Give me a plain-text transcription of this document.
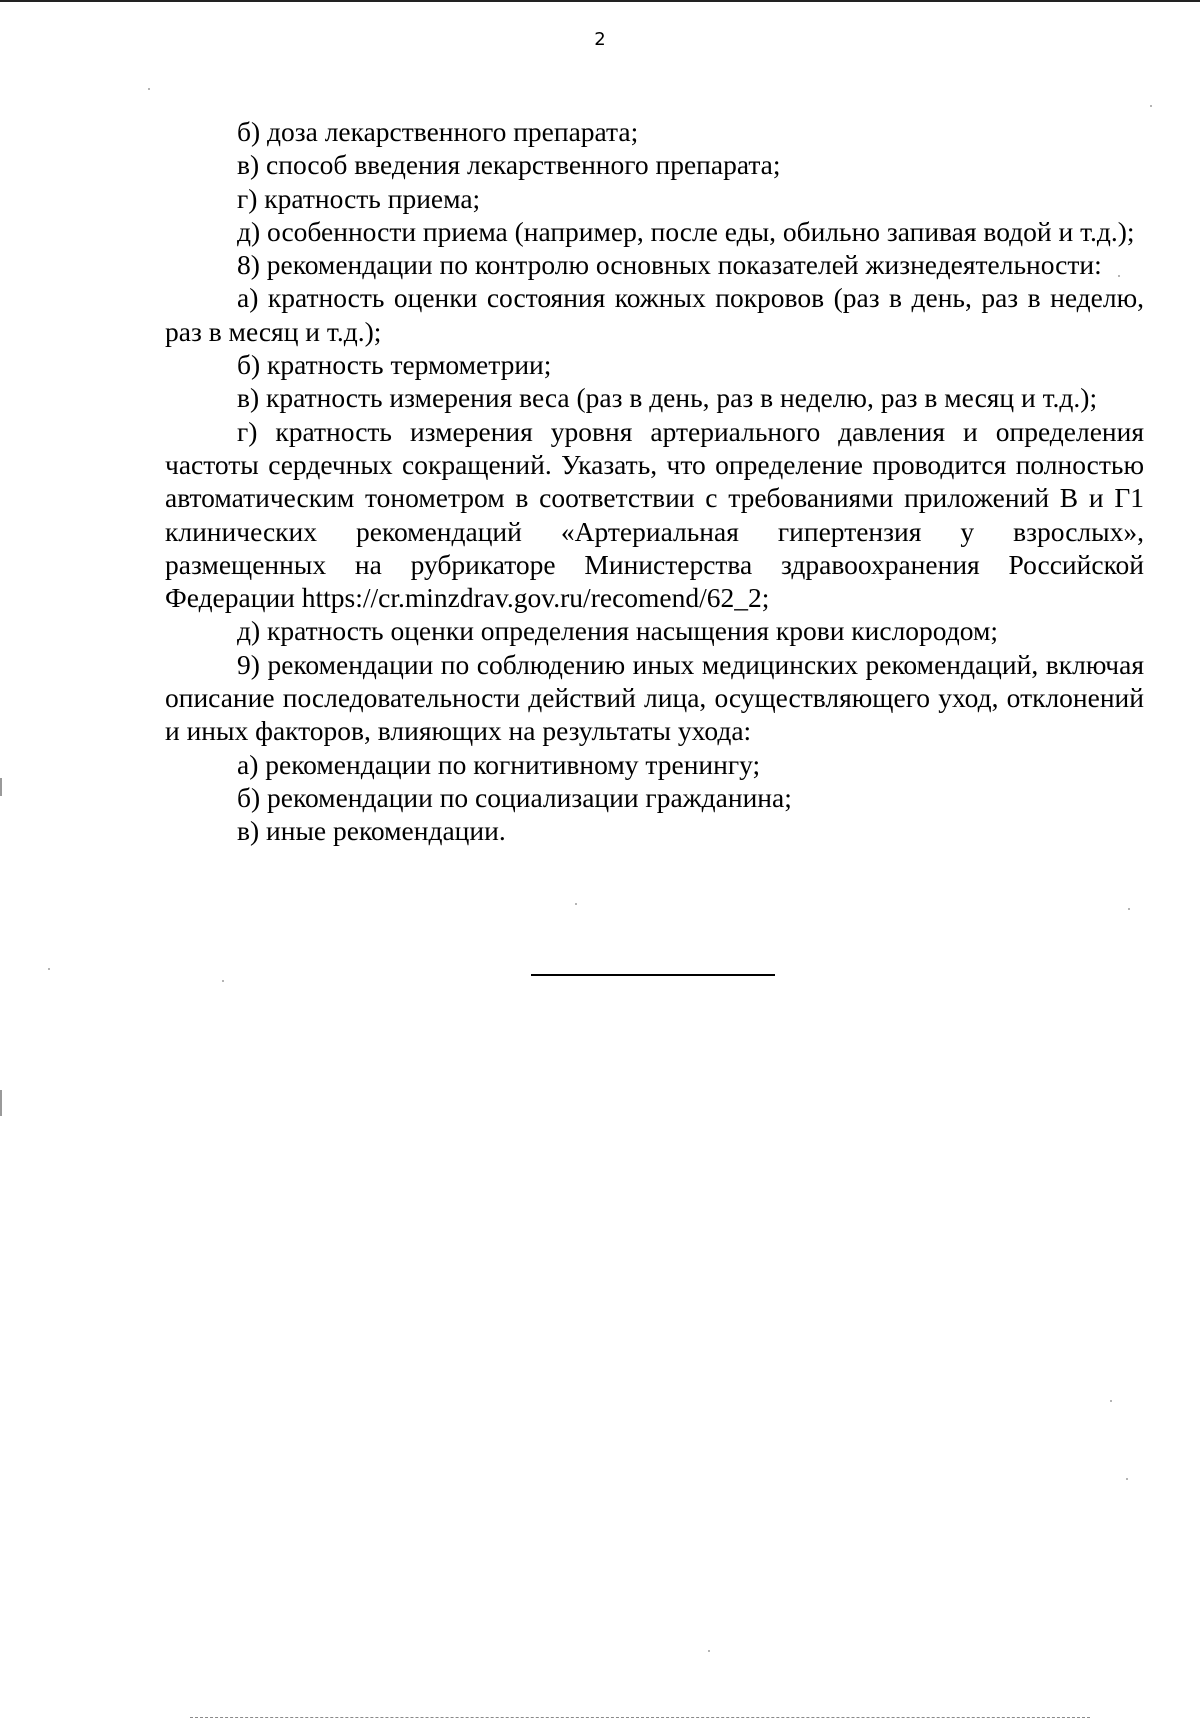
2

б) доза лекарственного препарата;

в) способ введения лекарственного препарата;

г) кратность приема;

д) особенности приема (например, после еды, обильно запивая водой и т.д.);

8) рекомендации по контролю основных показателей жизнедеятельности:

а) кратность оценки состояния кожных покровов (раз в день, раз в неделю, раз в месяц и т.д.);

б) кратность термометрии;

в) кратность измерения веса (раз в день, раз в неделю, раз в месяц и т.д.);

г) кратность измерения уровня артериального давления и определения частоты сердечных сокращений. Указать, что определение проводится полностью автоматическим тонометром в соответствии с требованиями приложений В и Г1 клинических рекомендаций «Артериальная гипертензия у взрослых», размещенных на рубрикаторе Министерства здравоохранения Российской Федерации https://cr.minzdrav.gov.ru/recomend/62_2;

д) кратность оценки определения насыщения крови кислородом;

9) рекомендации по соблюдению иных медицинских рекомендаций, включая описание последовательности действий лица, осуществляющего уход, отклонений и иных факторов, влияющих на результаты ухода:

а) рекомендации по когнитивному тренингу;

б) рекомендации по социализации гражданина;

в) иные рекомендации.
